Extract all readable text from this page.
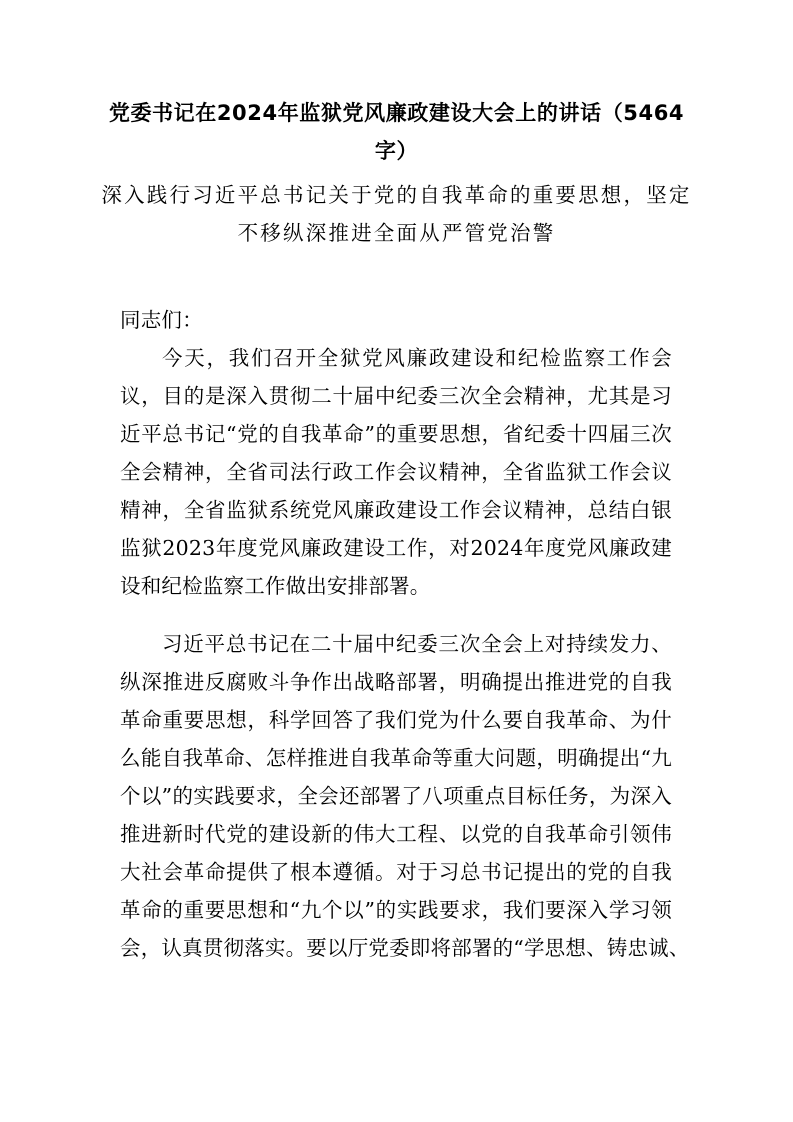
党委书记在2024年监狱党风廉政建设大会上的讲话（5464
字）
深入践行习近平总书记关于党的自我革命的重要思想，坚定
不移纵深推进全面从严管党治警
同志们：
今天，我们召开全狱党风廉政建设和纪检监察工作会
议，目的是深入贯彻二十届中纪委三次全会精神，尤其是习
近平总书记“党的自我革命”的重要思想，省纪委十四届三次
全会精神，全省司法行政工作会议精神，全省监狱工作会议
精神，全省监狱系统党风廉政建设工作会议精神，总结白银
监狱2023年度党风廉政建设工作，对2024年度党风廉政建
设和纪检监察工作做出安排部署。
习近平总书记在二十届中纪委三次全会上对持续发力、
纵深推进反腐败斗争作出战略部署，明确提出推进党的自我
革命重要思想，科学回答了我们党为什么要自我革命、为什
么能自我革命、怎样推进自我革命等重大问题，明确提出“九
个以”的实践要求，全会还部署了八项重点目标任务，为深入
推进新时代党的建设新的伟大工程、以党的自我革命引领伟
大社会革命提供了根本遵循。对于习总书记提出的党的自我
革命的重要思想和“九个以”的实践要求，我们要深入学习领
会，认真贯彻落实。要以厅党委即将部署的“学思想、铸忠诚、
